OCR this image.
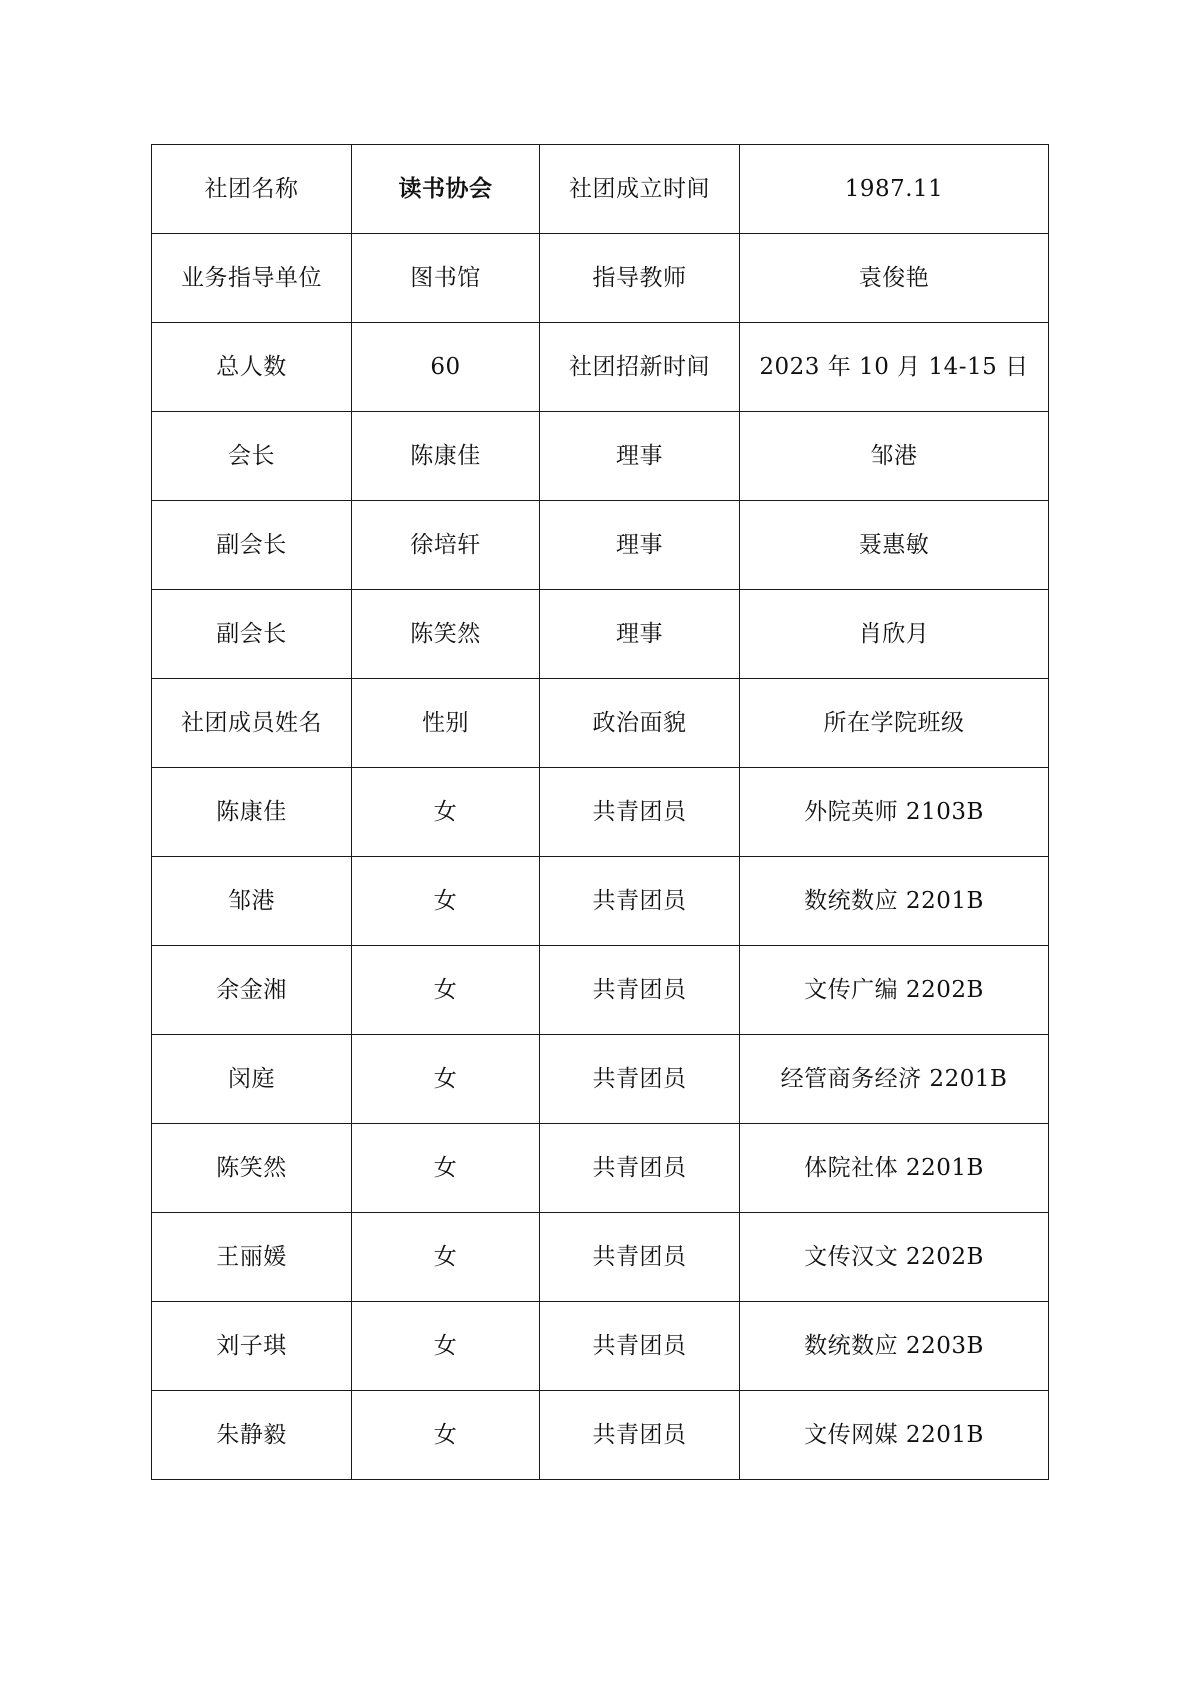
社团名称	读书协会	社团成立时间	1987.11
业务指导单位	图书馆	指导教师	袁俊艳
总人数	60	社团招新时间	2023 年 10 月 14-15 日
会长	陈康佳	理事	邹港
副会长	徐培轩	理事	聂惠敏
副会长	陈笑然	理事	肖欣月
社团成员姓名	性别	政治面貌	所在学院班级
陈康佳	女	共青团员	外院英师 2103B
邹港	女	共青团员	数统数应 2201B
余金湘	女	共青团员	文传广编 2202B
闵庭	女	共青团员	经管商务经济 2201B
陈笑然	女	共青团员	体院社体 2201B
王丽媛	女	共青团员	文传汉文 2202B
刘子琪	女	共青团员	数统数应 2203B
朱静毅	女	共青团员	文传网媒 2201B
